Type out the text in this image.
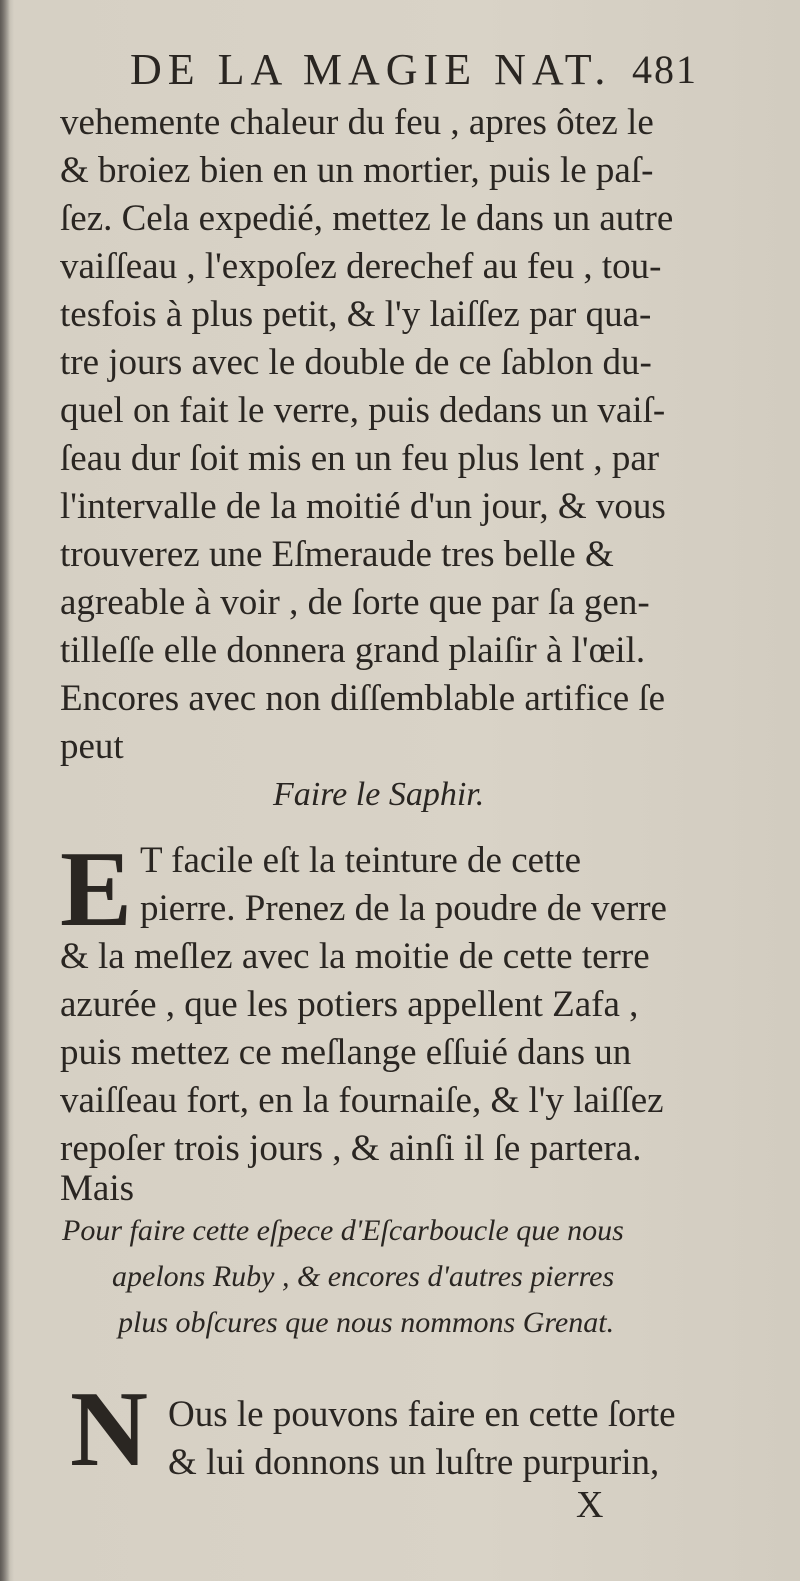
DE LA MAGIE NAT. 481
vehemente chaleur du feu , apres ôtez le
& broiez bien en un mortier, puis le paſ-
ſez. Cela expedié, mettez le dans un autre
vaiſſeau , l'expoſez derechef au feu , tou-
tesfois à plus petit, & l'y laiſſez par qua-
tre jours avec le double de ce ſablon du-
quel on fait le verre, puis dedans un vaiſ-
ſeau dur ſoit mis en un feu plus lent , par
l'intervalle de la moitié d'un jour, & vous
trouverez une Eſmeraude tres belle &
agreable à voir , de ſorte que par ſa gen-
tilleſſe elle donnera grand plaiſir à l'œil.
Encores avec non diſſemblable artifice ſe
peut
Faire le Saphir.
E T facile eſt la teinture de cette
pierre. Prenez de la poudre de verre
& la meſlez avec la moitie de cette terre
azurée , que les potiers appellent Zafa ,
puis mettez ce meſlange eſſuié dans un
vaiſſeau fort, en la fournaiſe, & l'y laiſſez
repoſer trois jours , & ainſi il ſe partera.
Mais
Pour faire cette eſpece d'Eſcarboucle que nous
apelons Ruby , & encores d'autres pierres
plus obſcures que nous nommons Grenat.
N Ous le pouvons faire en cette ſorte
& lui donnons un luſtre purpurin,
X
